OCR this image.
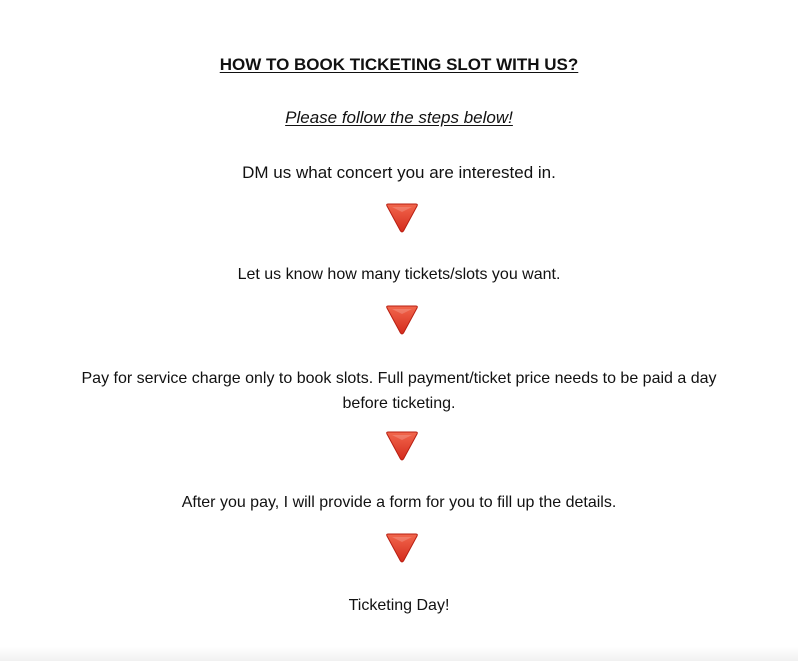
HOW TO BOOK TICKETING SLOT WITH US?
Please follow the steps below!
DM us what concert you are interested in.
Let us know how many tickets/slots you want.
Pay for service charge only to book slots. Full payment/ticket price needs to be paid a day before ticketing.
After you pay, I will provide a form for you to fill up the details.
Ticketing Day!
